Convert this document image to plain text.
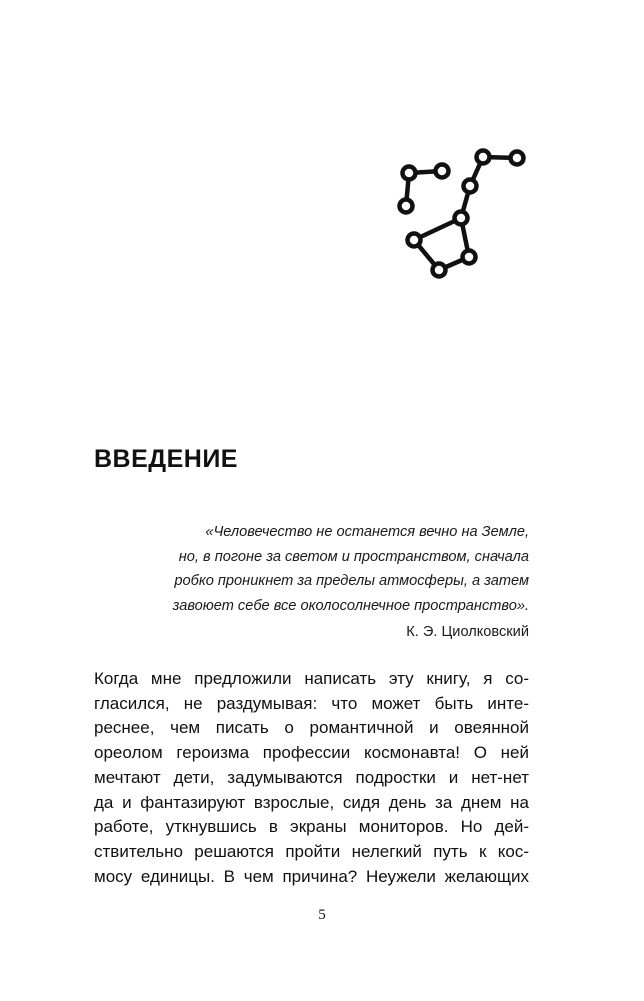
ВВЕДЕНИЕ
«Человечество не останется вечно на Земле,
но, в погоне за светом и пространством, сначала
робко проникнет за пределы атмосферы, а затем
завоюет себе все околосолнечное пространство».
К. Э. Циолковский
Когда мне предложили написать эту книгу, я со-
гласился, не раздумывая: что может быть инте-
реснее, чем писать о романтичной и овеянной
ореолом героизма профессии космонавта! О ней
мечтают дети, задумываются подростки и нет-нет
да и фантазируют взрослые, сидя день за днем на
работе, уткнувшись в экраны мониторов. Но дей-
ствительно решаются пройти нелегкий путь к кос-
мосу единицы. В чем причина? Неужели желающих
5
